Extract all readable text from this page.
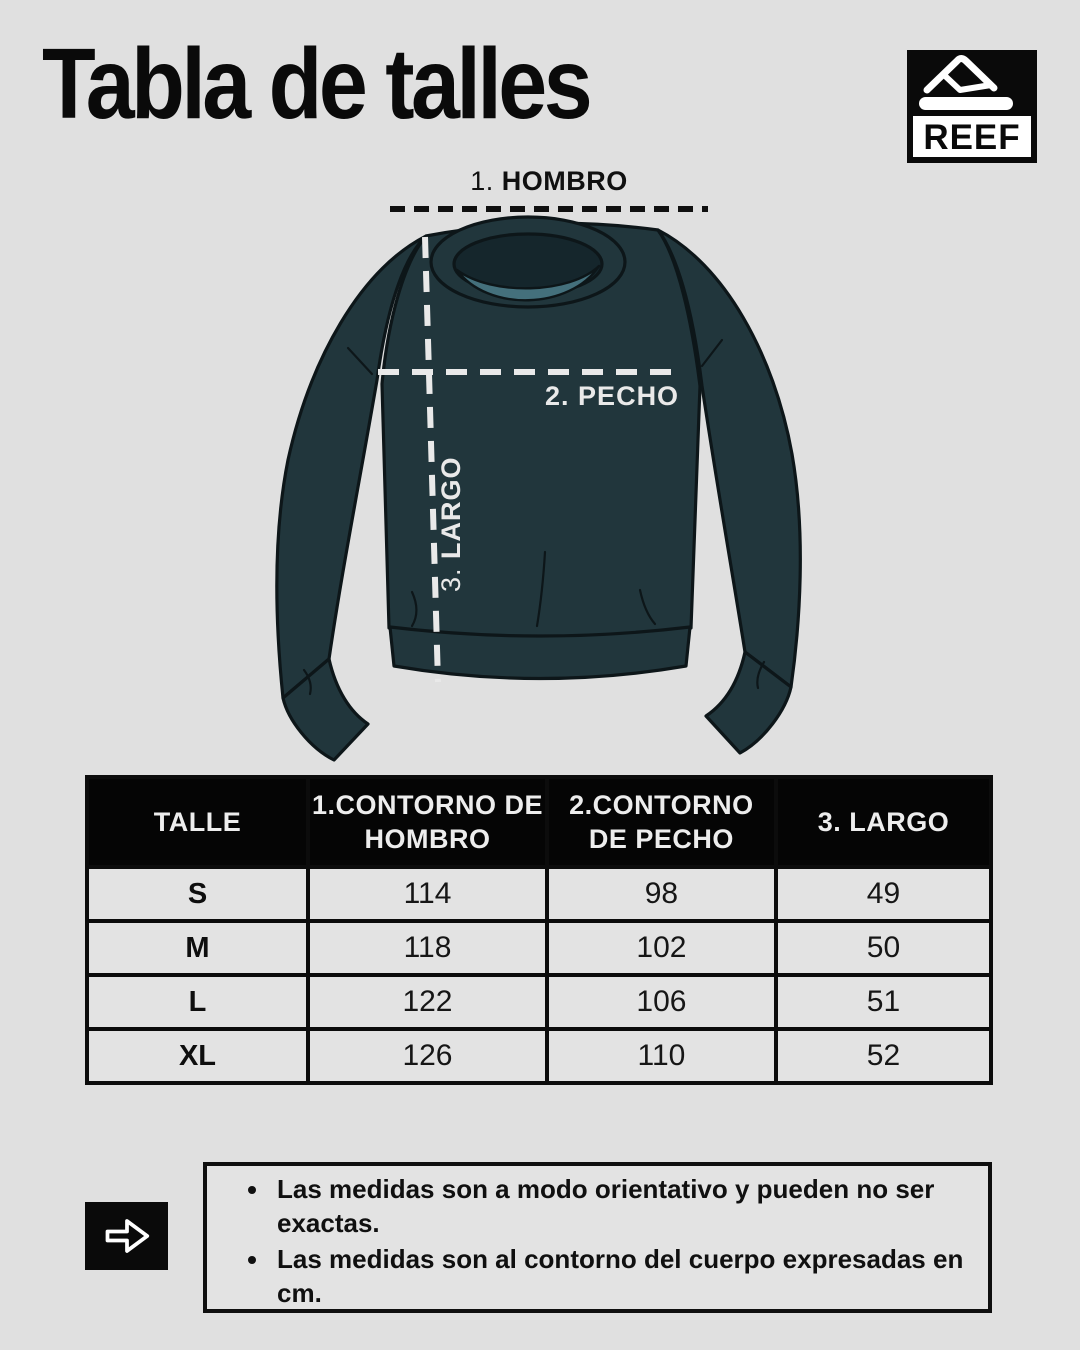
Tabla de talles	REEF
1. HOMBRO
2. PECHO
3. LARGO
TALLE	1.CONTORNO DE HOMBRO	2.CONTORNO DE PECHO	3. LARGO
S	114	98	49
M	118	102	50
L	122	106	51
XL	126	110	52
• Las medidas son a modo orientativo y pueden no ser exactas.
• Las medidas son al contorno del cuerpo expresadas en cm.
